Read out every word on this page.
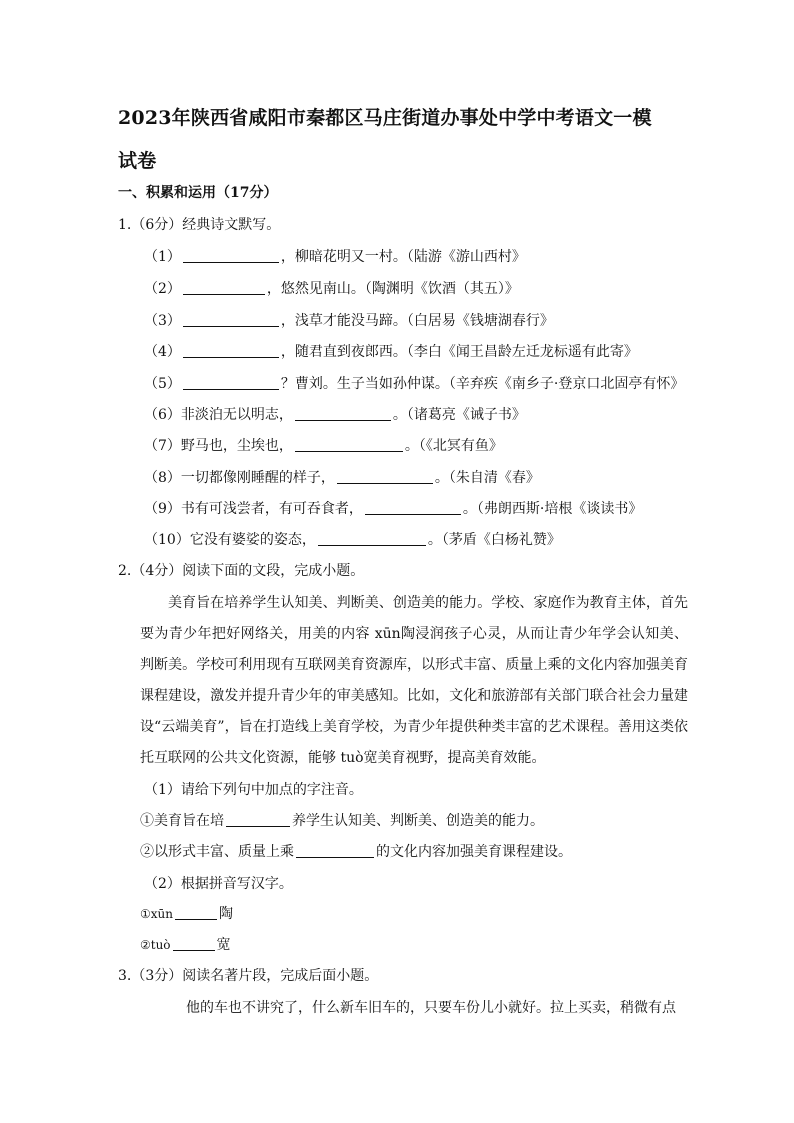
2023年陕西省咸阳市秦都区马庄街道办事处中学中考语文一模
试卷
一、积累和运用（17分）
1.（6分）经典诗文默写。
（1）	，柳暗花明又一村。（陆游《游山西村》
（2）	，悠然见南山。（陶渊明《饮酒（其五）》
（3）	，浅草才能没马蹄。（白居易《钱塘湖春行》
（4）	，随君直到夜郎西。（李白《闻王昌龄左迁龙标遥有此寄》
（5）	？曹刘。生子当如孙仲谋。（辛弃疾《南乡子·登京口北固亭有怀》
（6）非淡泊无以明志，	。（诸葛亮《诫子书》
（7）野马也，尘埃也，	。（《北冥有鱼》
（8）一切都像刚睡醒的样子，	。（朱自清《春》
（9）书有可浅尝者，有可吞食者，	。（弗朗西斯·培根《谈读书》
（10）它没有婆娑的姿态，	。（茅盾《白杨礼赞》
2.（4分）阅读下面的文段，完成小题。
美育旨在培养学生认知美、判断美、创造美的能力。学校、家庭作为教育主体，首先要为青少年把好网络关，用美的内容 xūn陶浸润孩子心灵，从而让青少年学会认知美、判断美。学校可利用现有互联网美育资源库，以形式丰富、质量上乘的文化内容加强美育课程建设，激发并提升青少年的审美感知。比如，文化和旅游部有关部门联合社会力量建设“云端美育”，旨在打造线上美育学校，为青少年提供种类丰富的艺术课程。善用这类依托互联网的公共文化资源，能够 tuò宽美育视野，提高美育效能。
（1）请给下列句中加点的字注音。
①美育旨在培	养学生认知美、判断美、创造美的能力。
②以形式丰富、质量上乘	的文化内容加强美育课程建设。
（2）根据拼音写汉字。
①xūn	陶
②tuò	宽
3.（3分）阅读名著片段，完成后面小题。
他的车也不讲究了，什么新车旧车的，只要车份儿小就好。拉上买卖，稍微有点
